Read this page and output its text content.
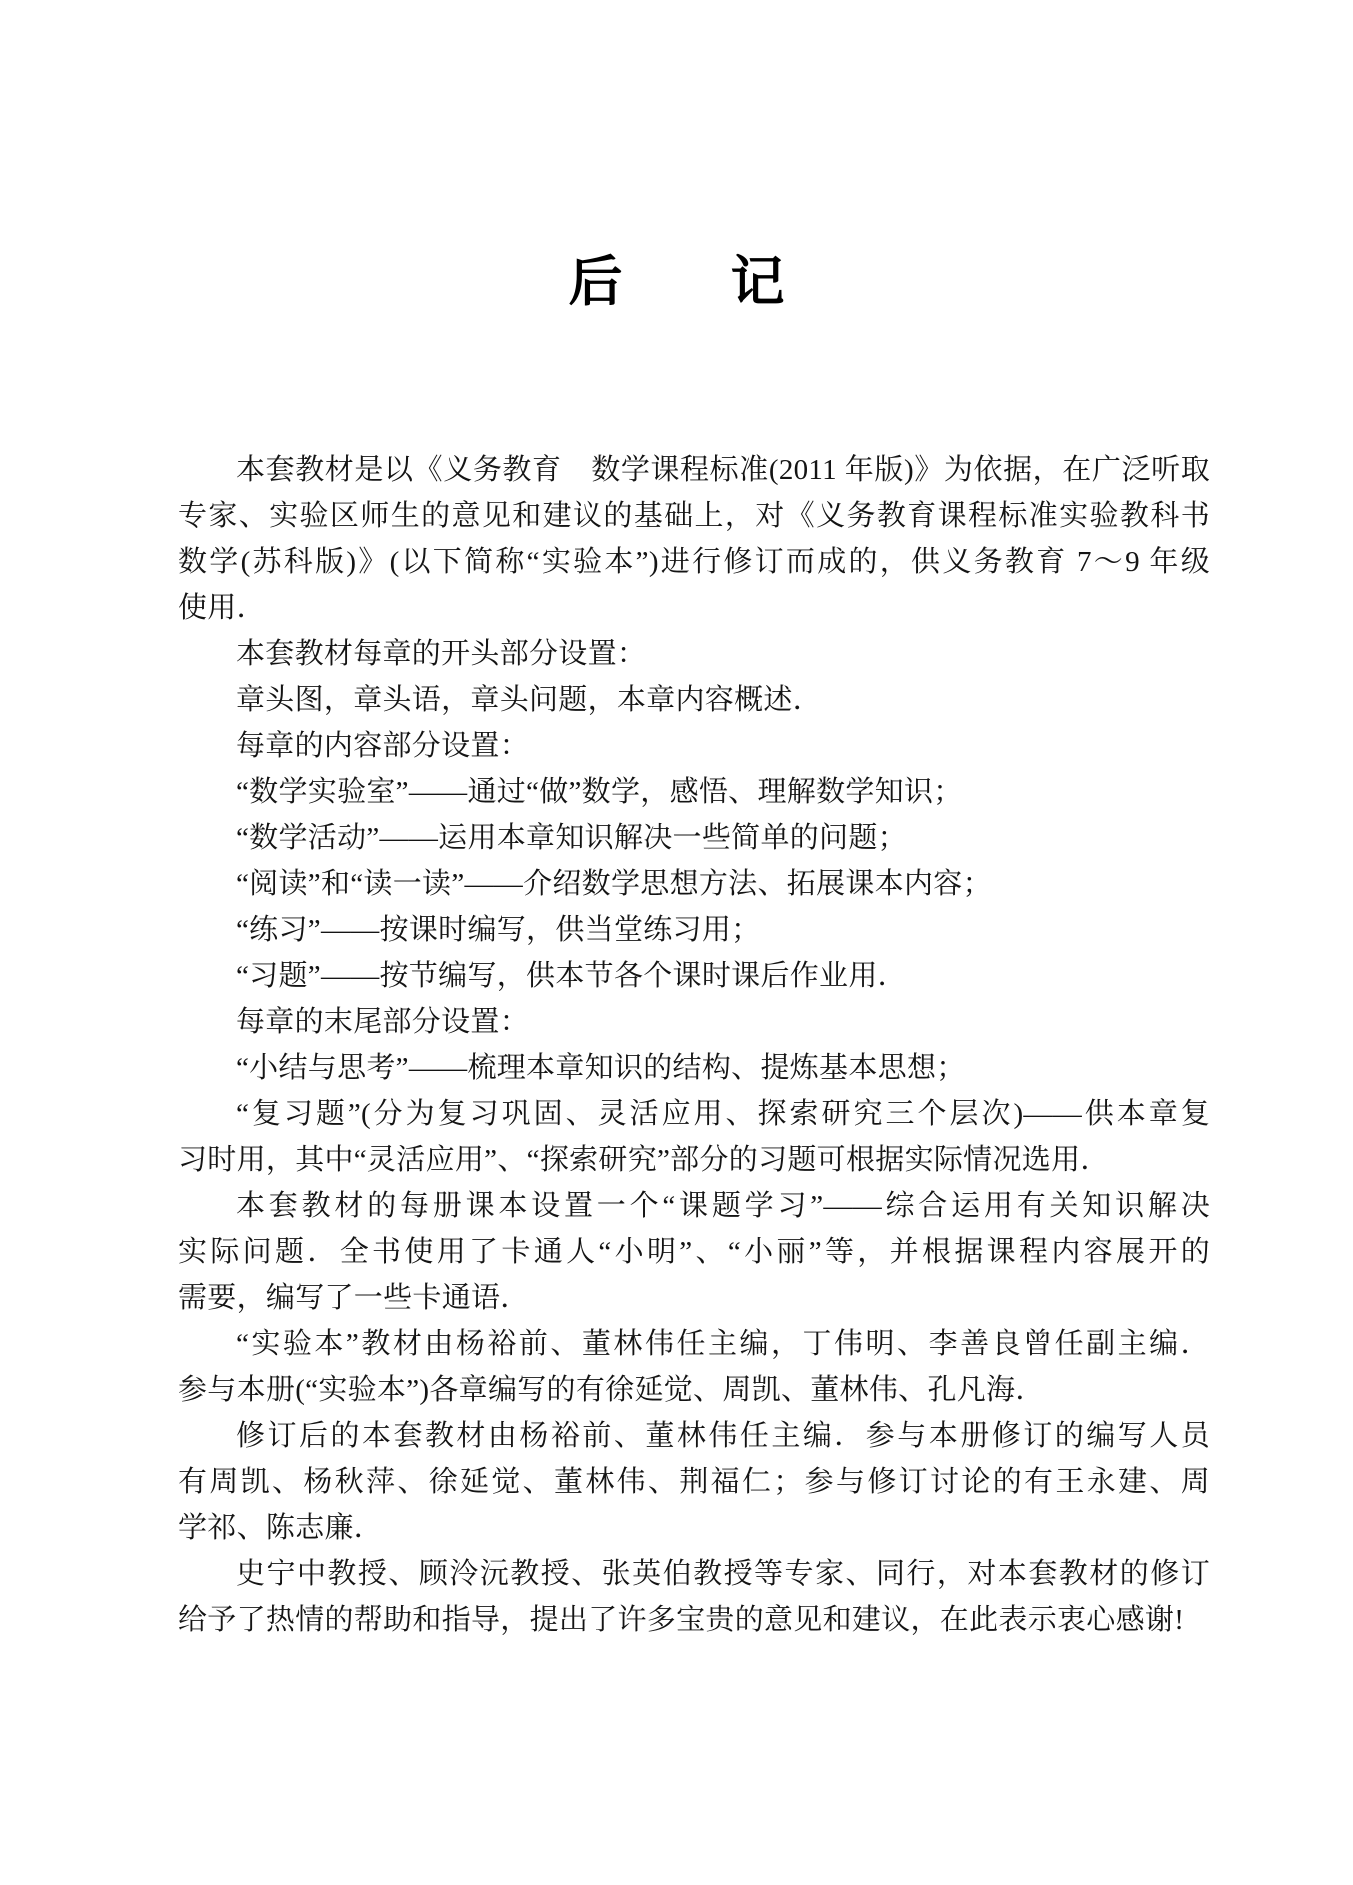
后　　记
本套教材是以《义务教育　数学课程标准(2011 年版)》为依据，在广泛听取
专家、实验区师生的意见和建议的基础上，对《义务教育课程标准实验教科书
数学(苏科版)》(以下简称“实验本”)进行修订而成的，供义务教育 7～9 年级
使用．
本套教材每章的开头部分设置：
章头图，章头语，章头问题，本章内容概述．
每章的内容部分设置：
“数学实验室”——通过“做”数学，感悟、理解数学知识；
“数学活动”——运用本章知识解决一些简单的问题；
“阅读”和“读一读”——介绍数学思想方法、拓展课本内容；
“练习”——按课时编写，供当堂练习用；
“习题”——按节编写，供本节各个课时课后作业用．
每章的末尾部分设置：
“小结与思考”——梳理本章知识的结构、提炼基本思想；
“复习题”(分为复习巩固、灵活应用、探索研究三个层次)——供本章复
习时用，其中“灵活应用”、“探索研究”部分的习题可根据实际情况选用．
本套教材的每册课本设置一个“课题学习”——综合运用有关知识解决
实际问题．全书使用了卡通人“小明”、“小丽”等，并根据课程内容展开的
需要，编写了一些卡通语．
“实验本”教材由杨裕前、董林伟任主编，丁伟明、李善良曾任副主编．
参与本册(“实验本”)各章编写的有徐延觉、周凯、董林伟、孔凡海．
修订后的本套教材由杨裕前、董林伟任主编．参与本册修订的编写人员
有周凯、杨秋萍、徐延觉、董林伟、荆福仁；参与修订讨论的有王永建、周
学祁、陈志廉．
史宁中教授、顾泠沅教授、张英伯教授等专家、同行，对本套教材的修订
给予了热情的帮助和指导，提出了许多宝贵的意见和建议，在此表示衷心感谢!
